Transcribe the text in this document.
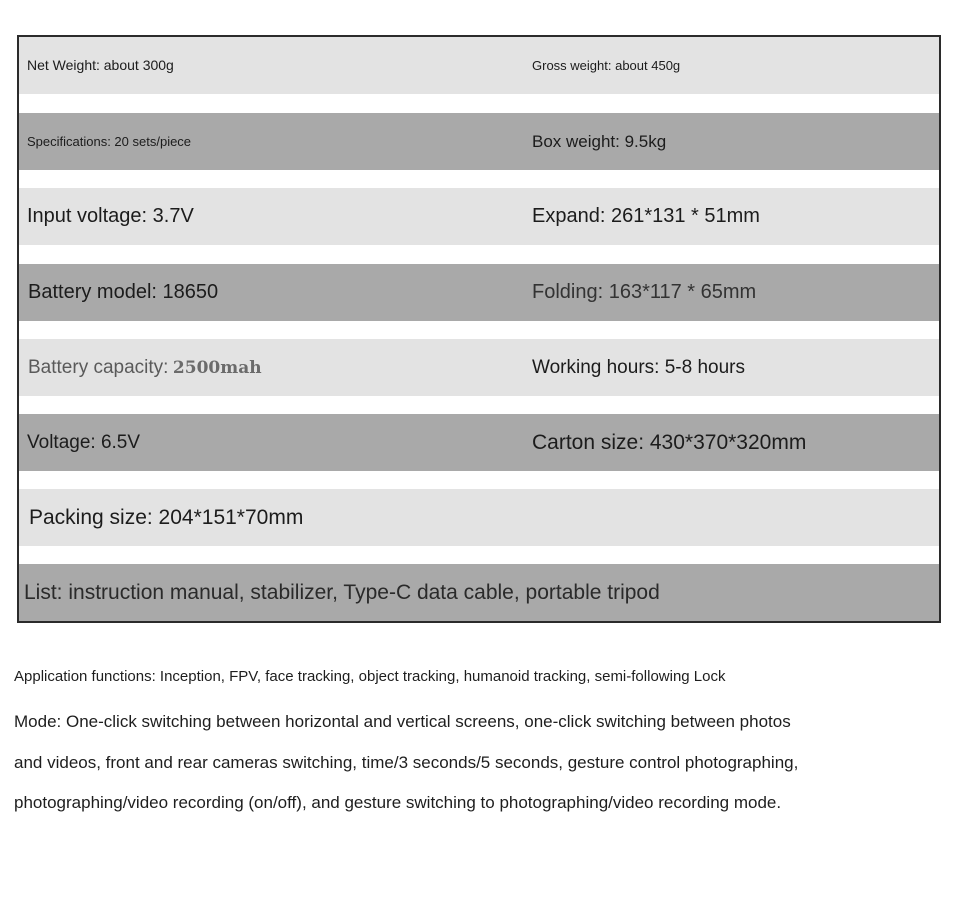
Net Weight: about 300g	Gross weight: about 450g
Specifications: 20 sets/piece	Box weight: 9.5kg
Input voltage: 3.7V	Expand: 261*131 * 51mm
Battery model: 18650	Folding: 163*117 * 65mm
Battery capacity: 2500mah	Working hours: 5-8 hours
Voltage: 6.5V	Carton size: 430*370*320mm
Packing size: 204*151*70mm
List: instruction manual, stabilizer, Type-C data cable, portable tripod
Application functions: Inception, FPV, face tracking, object tracking, humanoid tracking, semi-following Lock
Mode: One-click switching between horizontal and vertical screens, one-click switching between photos
and videos, front and rear cameras switching, time/3 seconds/5 seconds, gesture control photographing,
photographing/video recording (on/off), and gesture switching to photographing/video recording mode.
